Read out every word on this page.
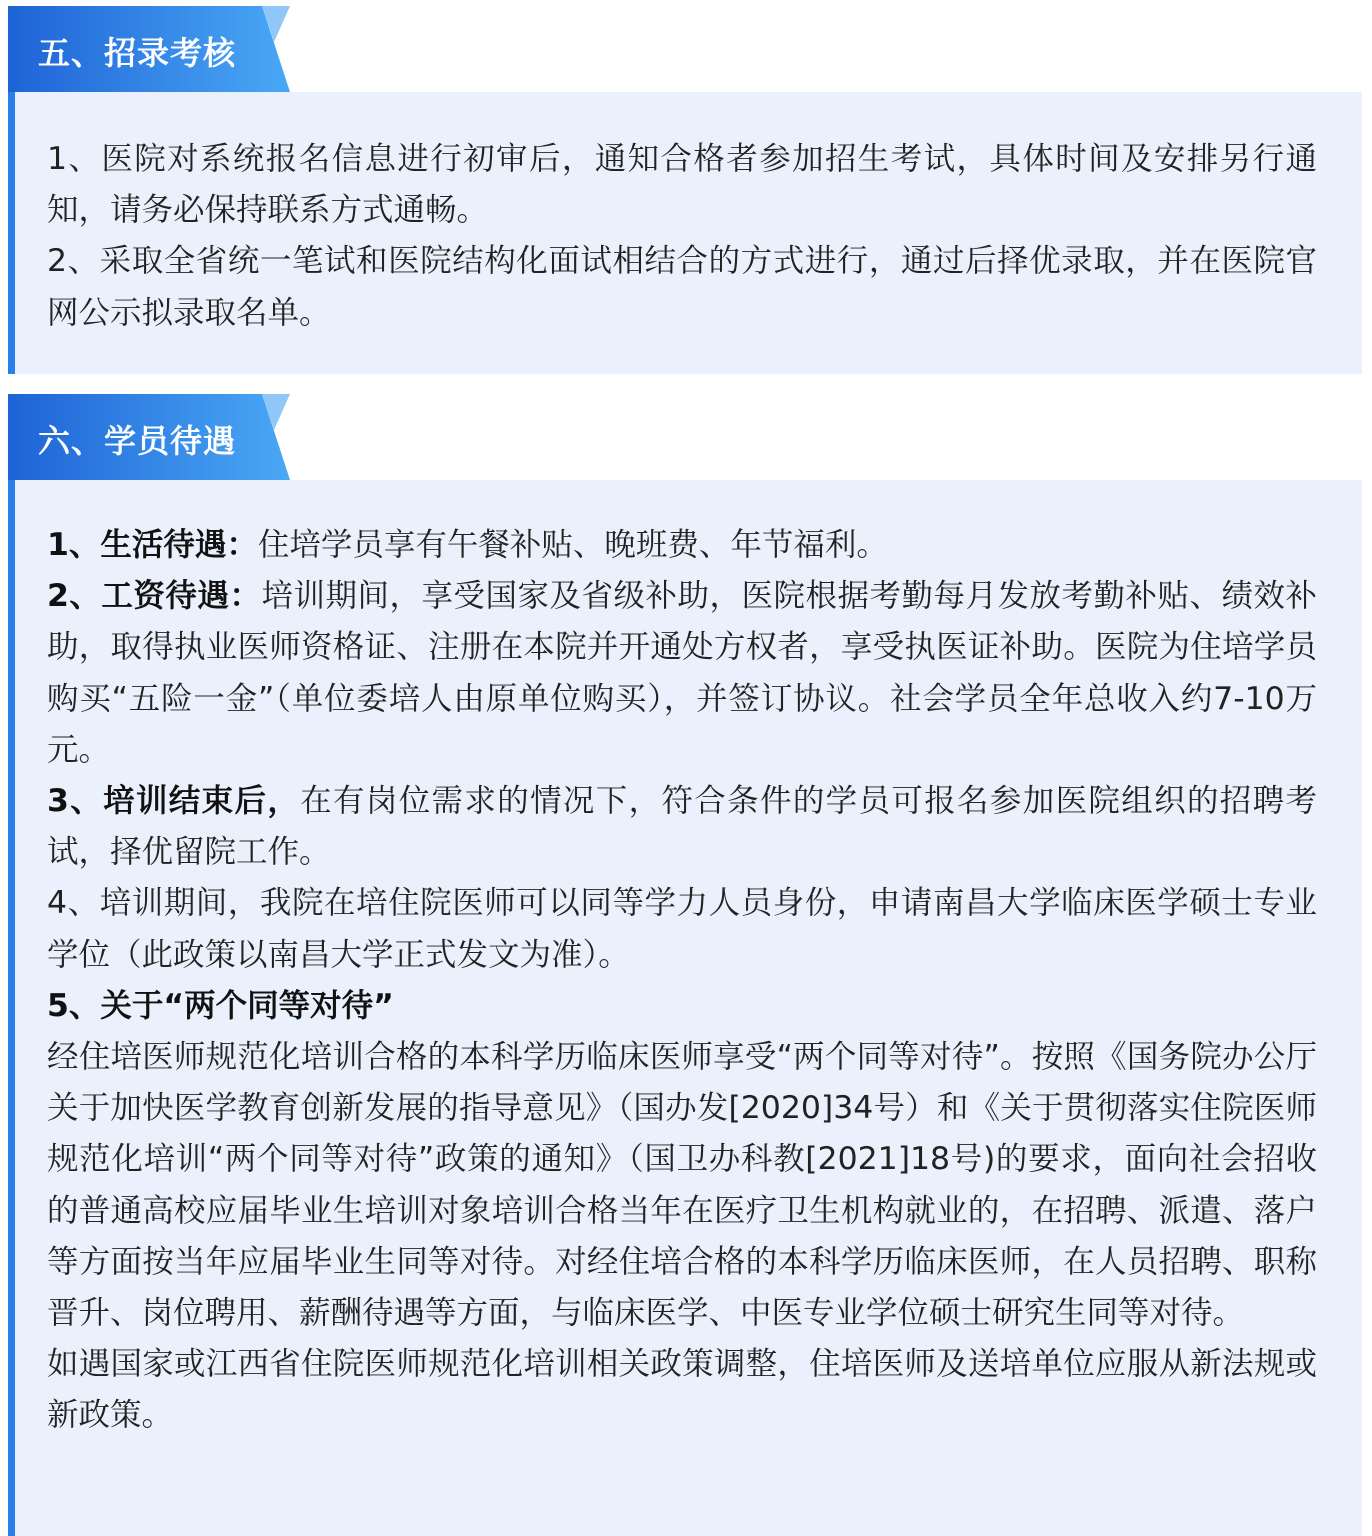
五、招录考核

1、医院对系统报名信息进行初审后，通知合格者参加招生考试，具体时间及安排另行通知，请务必保持联系方式通畅。

2、采取全省统一笔试和医院结构化面试相结合的方式进行，通过后择优录取，并在医院官网公示拟录取名单。

六、学员待遇

1、生活待遇：住培学员享有午餐补贴、晚班费、年节福利。

2、工资待遇：培训期间，享受国家及省级补助，医院根据考勤每月发放考勤补贴、绩效补助，取得执业医师资格证、注册在本院并开通处方权者，享受执医证补助。医院为住培学员购买“五险一金”（单位委培人由原单位购买），并签订协议。社会学员全年总收入约7-10万元。

3、培训结束后，在有岗位需求的情况下，符合条件的学员可报名参加医院组织的招聘考试，择优留院工作。

4、培训期间，我院在培住院医师可以同等学力人员身份，申请南昌大学临床医学硕士专业学位（此政策以南昌大学正式发文为准）。

5、关于“两个同等对待”

经住培医师规范化培训合格的本科学历临床医师享受“两个同等对待”。按照《国务院办公厅关于加快医学教育创新发展的指导意见》（国办发[2020]34号）和《关于贯彻落实住院医师规范化培训“两个同等对待”政策的通知》（国卫办科教[2021]18号)的要求，面向社会招收的普通高校应届毕业生培训对象培训合格当年在医疗卫生机构就业的，在招聘、派遣、落户等方面按当年应届毕业生同等对待。对经住培合格的本科学历临床医师，在人员招聘、职称晋升、岗位聘用、薪酬待遇等方面，与临床医学、中医专业学位硕士研究生同等对待。

如遇国家或江西省住院医师规范化培训相关政策调整，住培医师及送培单位应服从新法规或新政策。
